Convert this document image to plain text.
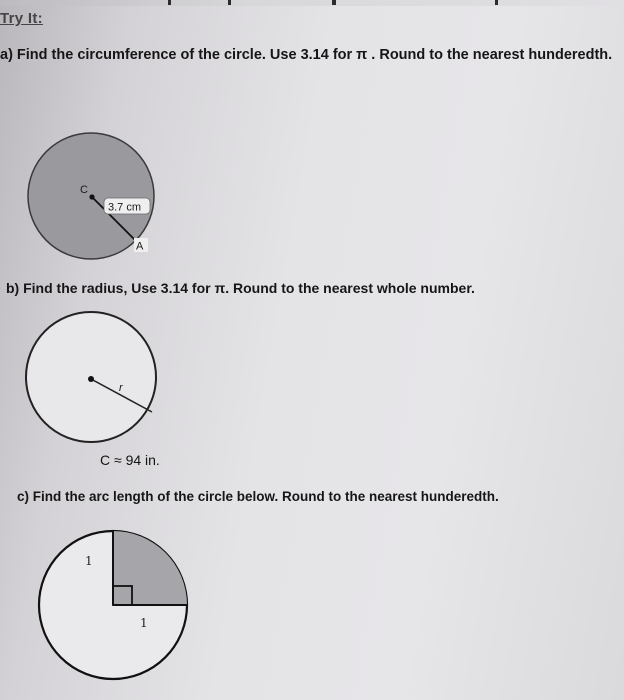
Try It:
a) Find the circumference of the circle. Use 3.14 for π . Round to the nearest hunderedth.
b) Find the radius, Use 3.14 for π. Round to the nearest whole number.
C ≈ 94 in.
c) Find the arc length of the circle below. Round to the nearest hunderedth.
C
3.7 cm
A
r
1
1
